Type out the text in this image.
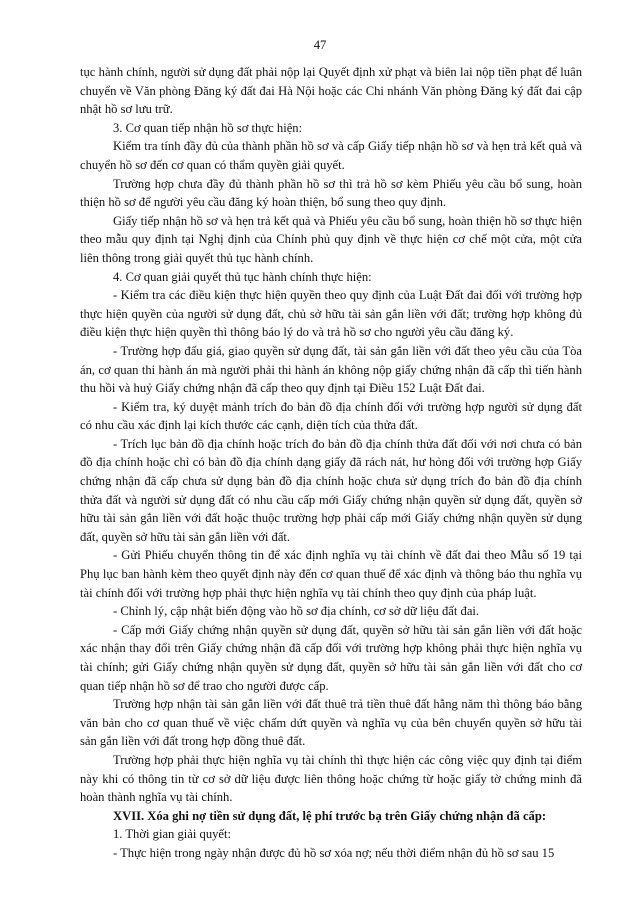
47

tục hành chính, người sử dụng đất phải nộp lại Quyết định xử phạt và biên lai nộp tiền phạt để luân chuyển về Văn phòng Đăng ký đất đai Hà Nội hoặc các Chi nhánh Văn phòng Đăng ký đất đai cập nhật hồ sơ lưu trữ.

3. Cơ quan tiếp nhận hồ sơ thực hiện:

Kiểm tra tính đầy đủ của thành phần hồ sơ và cấp Giấy tiếp nhận hồ sơ và hẹn trả kết quả và chuyển hồ sơ đến cơ quan có thẩm quyền giải quyết.

Trường hợp chưa đầy đủ thành phần hồ sơ thì trả hồ sơ kèm Phiếu yêu cầu bổ sung, hoàn thiện hồ sơ để người yêu cầu đăng ký hoàn thiện, bổ sung theo quy định.

Giấy tiếp nhận hồ sơ và hẹn trả kết quả và Phiếu yêu cầu bổ sung, hoàn thiện hồ sơ thực hiện theo mẫu quy định tại Nghị định của Chính phủ quy định về thực hiện cơ chế một cửa, một cửa liên thông trong giải quyết thủ tục hành chính.

4. Cơ quan giải quyết thủ tục hành chính thực hiện:

- Kiểm tra các điều kiện thực hiện quyền theo quy định của Luật Đất đai đối với trường hợp thực hiện quyền của người sử dụng đất, chủ sở hữu tài sản gắn liền với đất; trường hợp không đủ điều kiện thực hiện quyền thì thông báo lý do và trả hồ sơ cho người yêu cầu đăng ký.

- Trường hợp đấu giá, giao quyền sử dụng đất, tài sản gắn liền với đất theo yêu cầu của Tòa án, cơ quan thi hành án mà người phải thi hành án không nộp giấy chứng nhận đã cấp thì tiến hành thu hồi và huỷ Giấy chứng nhận đã cấp theo quy định tại Điều 152 Luật Đất đai.

- Kiểm tra, ký duyệt mảnh trích đo bản đồ địa chính đối với trường hợp người sử dụng đất có nhu cầu xác định lại kích thước các cạnh, diện tích của thửa đất.

- Trích lục bản đồ địa chính hoặc trích đo bản đồ địa chính thửa đất đối với nơi chưa có bản đồ địa chính hoặc chỉ có bản đồ địa chính dạng giấy đã rách nát, hư hỏng đối với trường hợp Giấy chứng nhận đã cấp chưa sử dụng bản đồ địa chính hoặc chưa sử dụng trích đo bản đồ địa chính thửa đất và người sử dụng đất có nhu cầu cấp mới Giấy chứng nhận quyền sử dụng đất, quyền sở hữu tài sản gắn liền với đất hoặc thuộc trường hợp phải cấp mới Giấy chứng nhận quyền sử dụng đất, quyền sở hữu tài sản gắn liền với đất.

- Gửi Phiếu chuyển thông tin để xác định nghĩa vụ tài chính về đất đai theo Mẫu số 19 tại Phụ lục ban hành kèm theo quyết định này đến cơ quan thuế để xác định và thông báo thu nghĩa vụ tài chính đối với trường hợp phải thực hiện nghĩa vụ tài chính theo quy định của pháp luật.

- Chỉnh lý, cập nhật biến động vào hồ sơ địa chính, cơ sở dữ liệu đất đai.

- Cấp mới Giấy chứng nhận quyền sử dụng đất, quyền sở hữu tài sản gắn liền với đất hoặc xác nhận thay đổi trên Giấy chứng nhận đã cấp đối với trường hợp không phải thực hiện nghĩa vụ tài chính; gửi Giấy chứng nhận quyền sử dụng đất, quyền sở hữu tài sản gắn liền với đất cho cơ quan tiếp nhận hồ sơ để trao cho người được cấp.

Trường hợp nhận tài sản gắn liền với đất thuê trả tiền thuê đất hằng năm thì thông báo bằng văn bản cho cơ quan thuế về việc chấm dứt quyền và nghĩa vụ của bên chuyển quyền sở hữu tài sản gắn liền với đất trong hợp đồng thuê đất.

Trường hợp phải thực hiện nghĩa vụ tài chính thì thực hiện các công việc quy định tại điểm này khi có thông tin từ cơ sở dữ liệu được liên thông hoặc chứng từ hoặc giấy tờ chứng minh đã hoàn thành nghĩa vụ tài chính.

XVII. Xóa ghi nợ tiền sử dụng đất, lệ phí trước bạ trên Giấy chứng nhận đã cấp:

1. Thời gian giải quyết:

- Thực hiện trong ngày nhận được đủ hồ sơ xóa nợ; nếu thời điểm nhận đủ hồ sơ sau 15
